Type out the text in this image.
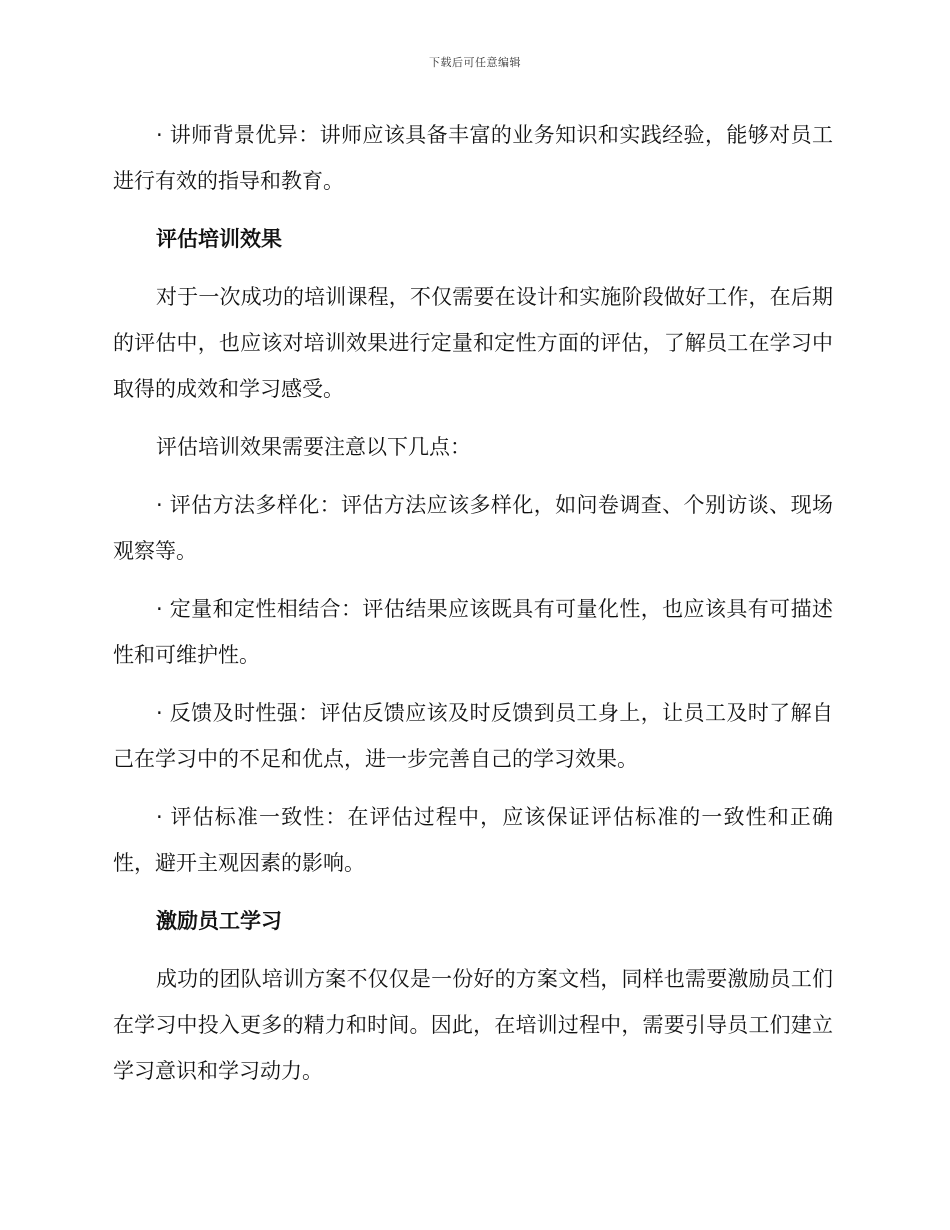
下载后可任意编辑

· 讲师背景优异：讲师应该具备丰富的业务知识和实践经验，能够对员工进行有效的指导和教育。

评估培训效果

对于一次成功的培训课程，不仅需要在设计和实施阶段做好工作，在后期的评估中，也应该对培训效果进行定量和定性方面的评估，了解员工在学习中取得的成效和学习感受。

评估培训效果需要注意以下几点：

· 评估方法多样化：评估方法应该多样化，如问卷调查、个别访谈、现场观察等。

· 定量和定性相结合：评估结果应该既具有可量化性，也应该具有可描述性和可维护性。

· 反馈及时性强：评估反馈应该及时反馈到员工身上，让员工及时了解自己在学习中的不足和优点，进一步完善自己的学习效果。

· 评估标准一致性：在评估过程中，应该保证评估标准的一致性和正确性，避开主观因素的影响。

激励员工学习

成功的团队培训方案不仅仅是一份好的方案文档，同样也需要激励员工们在学习中投入更多的精力和时间。因此，在培训过程中，需要引导员工们建立学习意识和学习动力。
